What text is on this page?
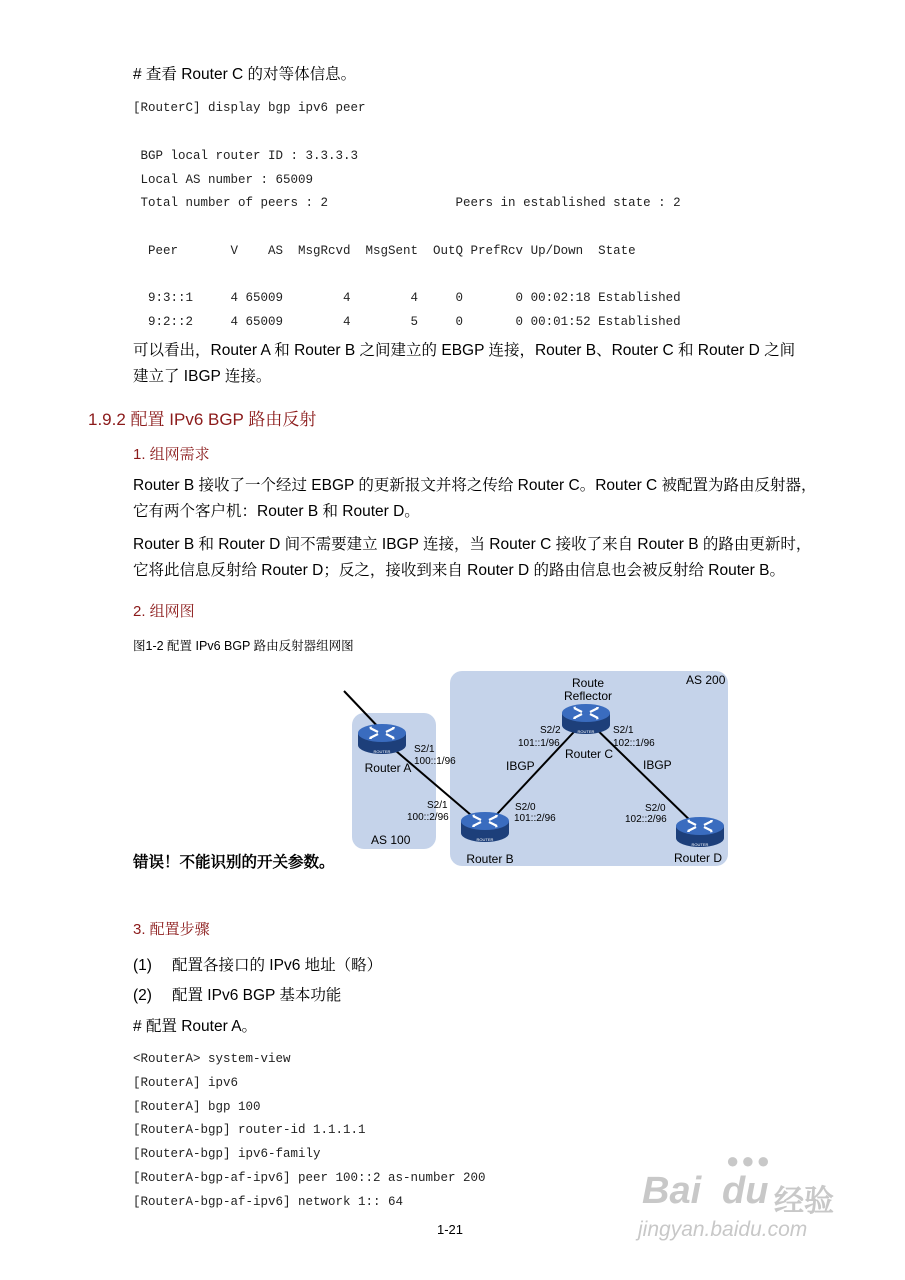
# 查看 Router C 的对等体信息。
[RouterC] display bgp ipv6 peer
BGP local router ID : 3.3.3.3
Local AS number : 65009
Total number of peers : 2                 Peers in established state : 2
Peer       V    AS  MsgRcvd  MsgSent  OutQ PrefRcv Up/Down  State
9:3::1     4 65009        4        4     0       0 00:02:18 Established
9:2::2     4 65009        4        5     0       0 00:01:52 Established
可以看出，Router A 和 Router B 之间建立的 EBGP 连接，Router B、Router C 和 Router D 之间
建立了 IBGP 连接。
1.9.2 配置 IPv6 BGP 路由反射
1. 组网需求
Router B 接收了一个经过 EBGP 的更新报文并将之传给 Router C。Router C 被配置为路由反射器，
它有两个客户机：Router B 和 Router D。
Router B 和 Router D 间不需要建立 IBGP 连接，当 Router C 接收了来自 Router B 的路由更新时，
它将此信息反射给 Router D；反之，接收到来自 Router D 的路由信息也会被反射给 Router B。
2. 组网图
图1-2 配置 IPv6 BGP 路由反射器组网图
ROUTER
ROUTER
ROUTER
ROUTER
AS 200
AS 100
Route
Reflector
Router A
Router B
Router C
Router D
S2/1
100::1/96
S2/1
100::2/96
S2/0
101::2/96
S2/2
101::1/96
S2/1
102::1/96
S2/0
102::2/96
IBGP	IBGP
错误！不能识别的开关参数。
3. 配置步骤
(1) 配置各接口的 IPv6 地址（略）
(2) 配置 IPv6 BGP 基本功能
# 配置 Router A。
<RouterA> system-view
[RouterA] ipv6
[RouterA] bgp 100
[RouterA-bgp] router-id 1.1.1.1
[RouterA-bgp] ipv6-family
[RouterA-bgp-af-ipv6] peer 100::2 as-number 200
[RouterA-bgp-af-ipv6] network 1:: 64
1-21
●●●
Bai du 经验
jingyan.baidu.com
